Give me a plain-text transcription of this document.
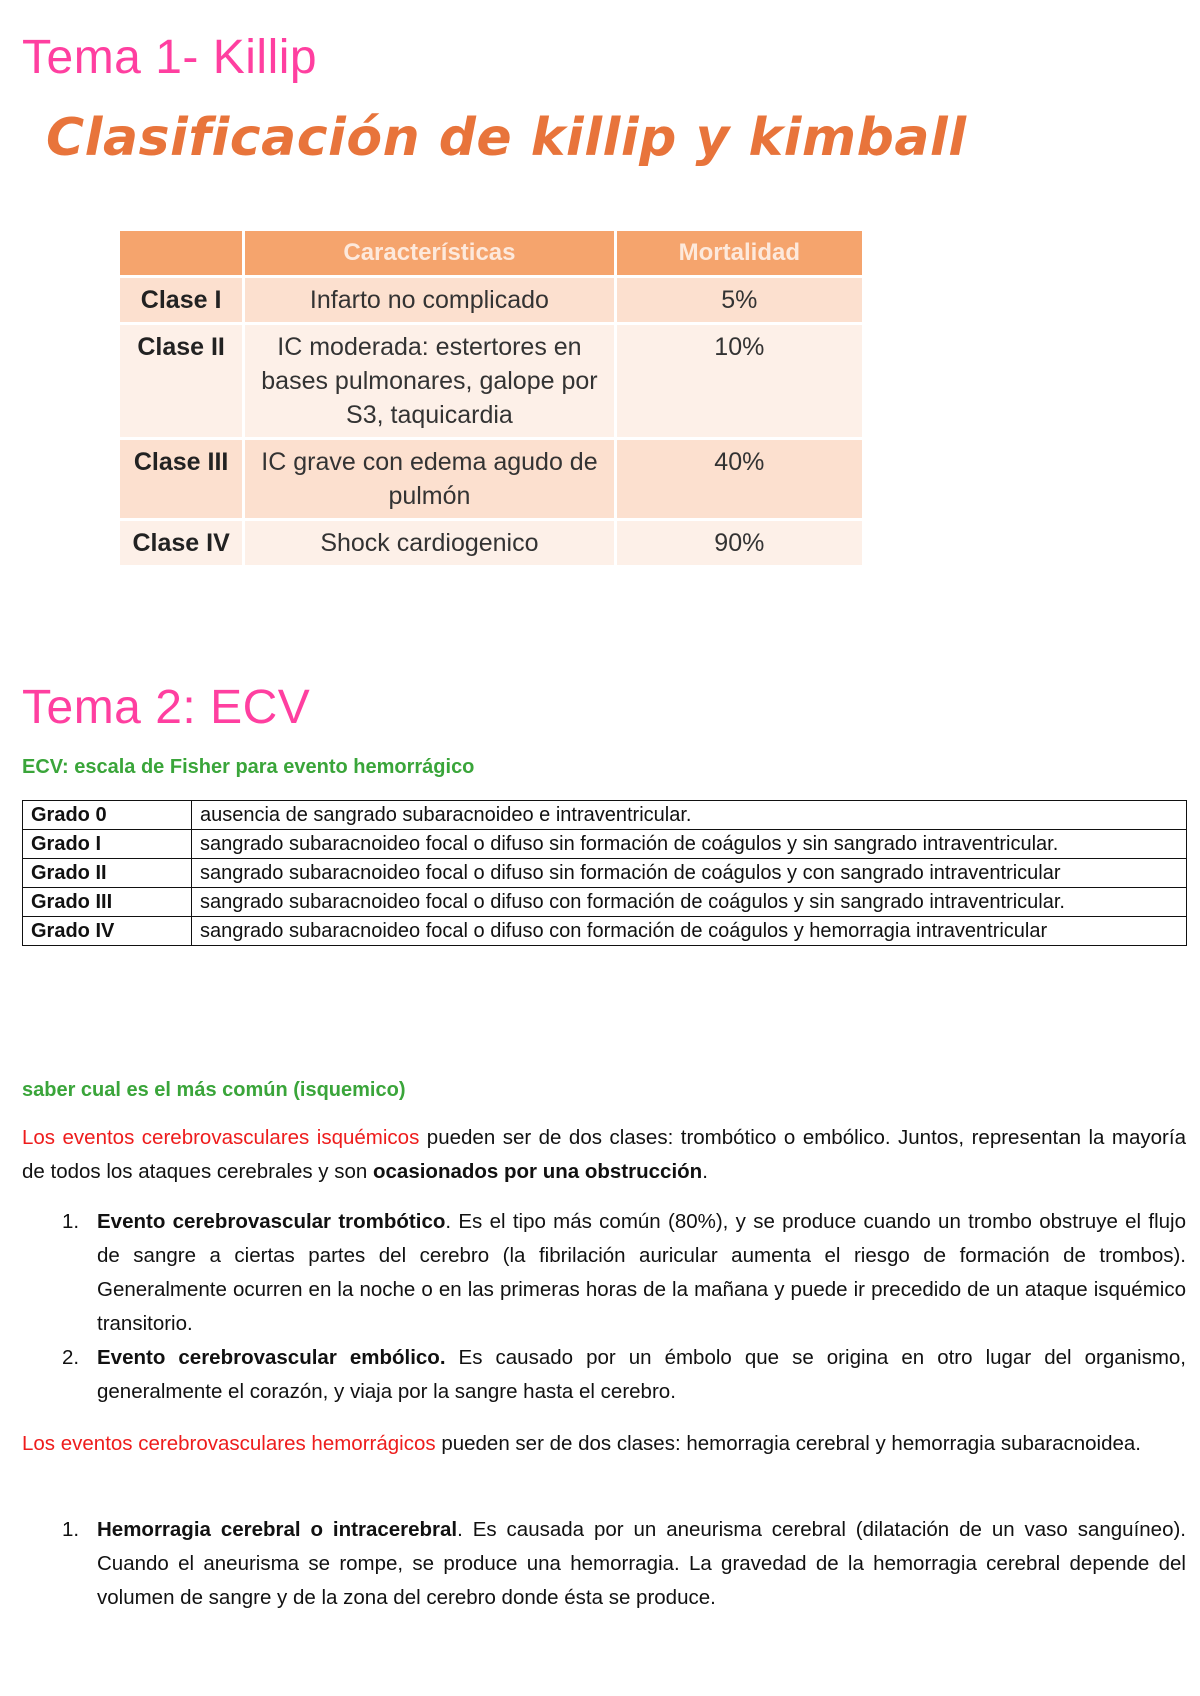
Tema 1- Killip
Clasificación de killip y kimball
	Características	Mortalidad
Clase I	Infarto no complicado	5%
Clase II	IC moderada: estertores en bases pulmonares, galope por S3, taquicardia	10%
Clase III	IC grave con edema agudo de pulmón	40%
Clase IV	Shock cardiogenico	90%
Tema 2: ECV
ECV: escala de Fisher para evento hemorrágico
Grado 0	ausencia de sangrado subaracnoideo e intraventricular.
Grado I	sangrado subaracnoideo focal o difuso sin formación de coágulos y sin sangrado intraventricular.
Grado II	sangrado subaracnoideo focal o difuso sin formación de coágulos y con sangrado intraventricular
Grado III	sangrado subaracnoideo focal o difuso con formación de coágulos y sin sangrado intraventricular.
Grado IV	sangrado subaracnoideo focal o difuso con formación de coágulos y hemorragia intraventricular
saber cual es el más común (isquemico)

Los eventos cerebrovasculares isquémicos pueden ser de dos clases: trombótico o embólico. Juntos, representan la mayoría de todos los ataques cerebrales y son ocasionados por una obstrucción.

1. Evento cerebrovascular trombótico. Es el tipo más común (80%), y se produce cuando un trombo obstruye el flujo de sangre a ciertas partes del cerebro (la fibrilación auricular aumenta el riesgo de formación de trombos). Generalmente ocurren en la noche o en las primeras horas de la mañana y puede ir precedido de un ataque isquémico transitorio.
2. Evento cerebrovascular embólico. Es causado por un émbolo que se origina en otro lugar del organismo, generalmente el corazón, y viaja por la sangre hasta el cerebro.

Los eventos cerebrovasculares hemorrágicos pueden ser de dos clases: hemorragia cerebral y hemorragia subaracnoidea.

1. Hemorragia cerebral o intracerebral. Es causada por un aneurisma cerebral (dilatación de un vaso sanguíneo). Cuando el aneurisma se rompe, se produce una hemorragia. La gravedad de la hemorragia cerebral depende del volumen de sangre y de la zona del cerebro donde ésta se produce.
